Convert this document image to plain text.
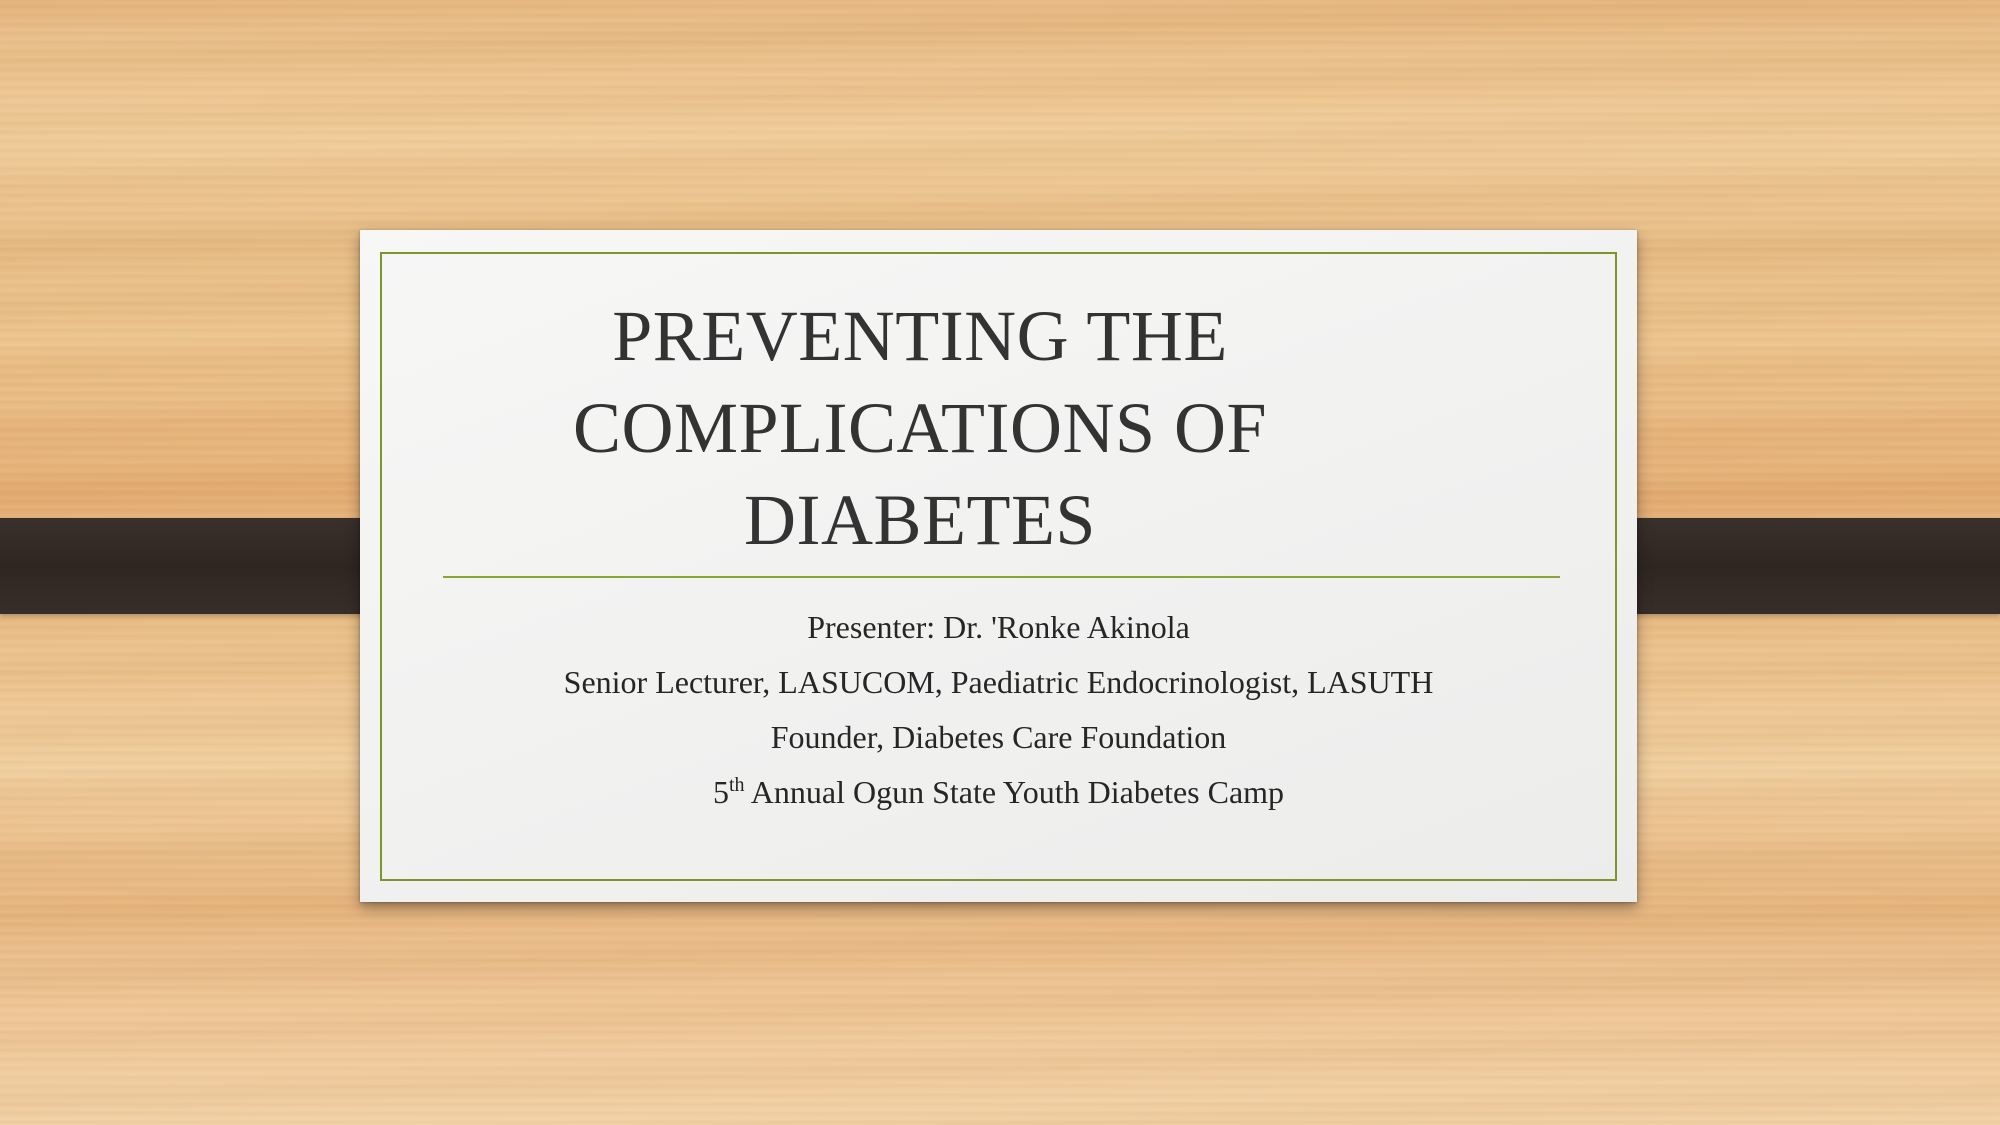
PREVENTING THE
COMPLICATIONS OF
DIABETES

Presenter: Dr. 'Ronke Akinola

Senior Lecturer, LASUCOM, Paediatric Endocrinologist, LASUTH

Founder, Diabetes Care Foundation

5th Annual Ogun State Youth Diabetes Camp
